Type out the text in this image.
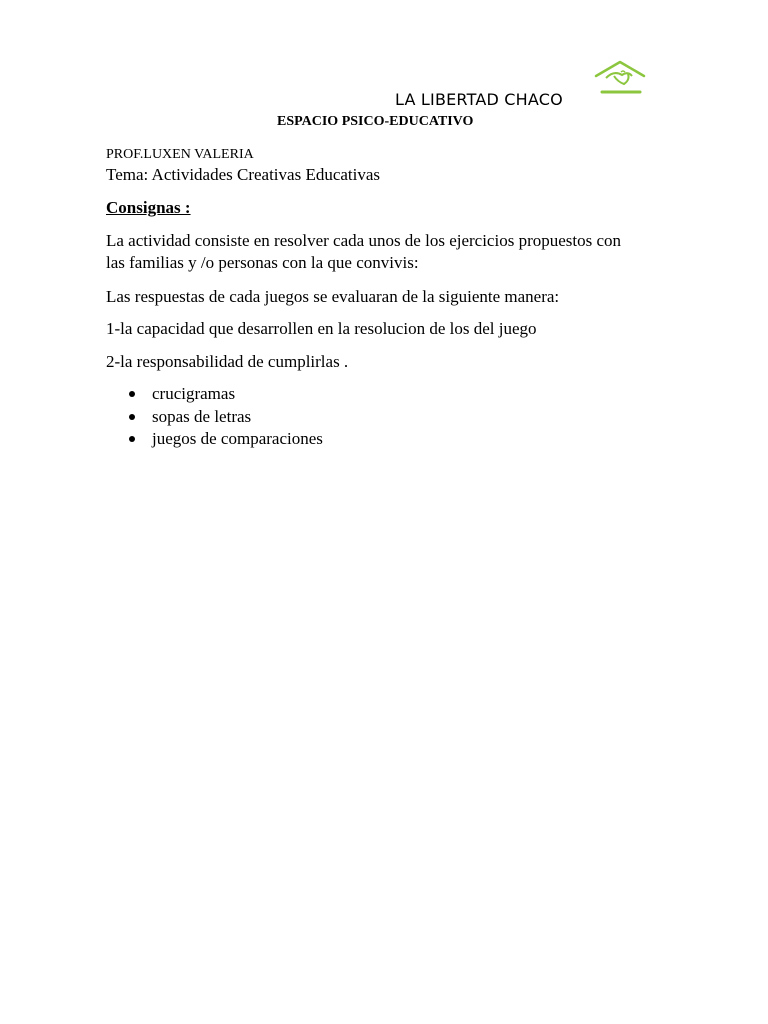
LA LIBERTAD CHACO
ESPACIO PSICO-EDUCATIVO
PROF.LUXEN VALERIA
Tema: Actividades Creativas Educativas
Consignas :
La actividad consiste en resolver cada unos de los ejercicios propuestos con
las familias y /o personas con la que convivis:
Las respuestas de cada juegos se evaluaran de la siguiente manera:
1-la capacidad que desarrollen en la resolucion de los del juego
2-la responsabilidad de cumplirlas .
crucigramas
sopas de letras
juegos de comparaciones
